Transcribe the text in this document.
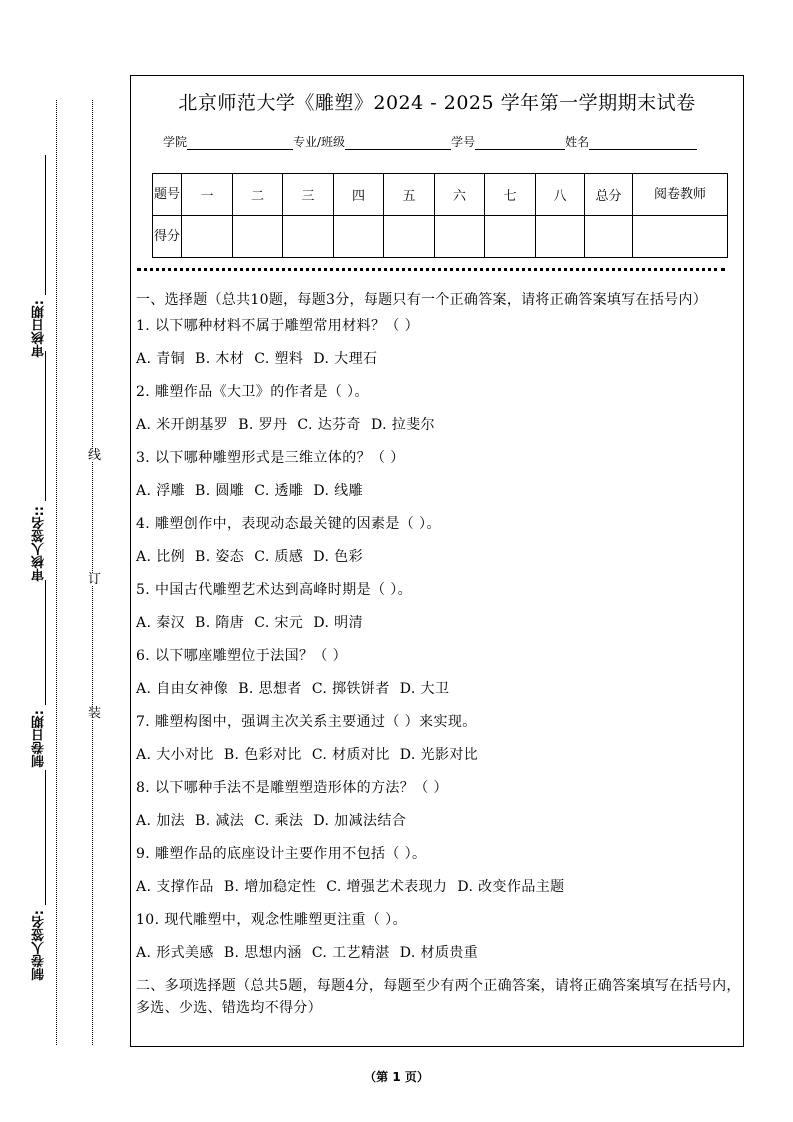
审核日期:
审核人签名::
制卷日期:
制卷人签名:
线
订
装
北京师范大学《雕塑》2024 - 2025 学年第一学期期末试卷
学院	专业/班级	学号	姓名
题号	一	二	三	四	五	六	七	八	总分	阅卷教师
得分										

一、选择题（总共10题，每题3分，每题只有一个正确答案，请将正确答案填写在括号内）

1. 以下哪种材料不属于雕塑常用材料？（ ）
A. 青铜 B. 木材 C. 塑料 D. 大理石
2. 雕塑作品《大卫》的作者是（ ）。
A. 米开朗基罗 B. 罗丹 C. 达芬奇 D. 拉斐尔
3. 以下哪种雕塑形式是三维立体的？（ ）
A. 浮雕 B. 圆雕 C. 透雕 D. 线雕
4. 雕塑创作中，表现动态最关键的因素是（ ）。
A. 比例 B. 姿态 C. 质感 D. 色彩
5. 中国古代雕塑艺术达到高峰时期是（ ）。
A. 秦汉 B. 隋唐 C. 宋元 D. 明清
6. 以下哪座雕塑位于法国？（ ）
A. 自由女神像 B. 思想者 C. 掷铁饼者 D. 大卫
7. 雕塑构图中，强调主次关系主要通过（ ）来实现。
A. 大小对比 B. 色彩对比 C. 材质对比 D. 光影对比
8. 以下哪种手法不是雕塑塑造形体的方法？（ ）
A. 加法 B. 减法 C. 乘法 D. 加减法结合
9. 雕塑作品的底座设计主要作用不包括（ ）。
A. 支撑作品 B. 增加稳定性 C. 增强艺术表现力 D. 改变作品主题
10. 现代雕塑中，观念性雕塑更注重（ ）。
A. 形式美感 B. 思想内涵 C. 工艺精湛 D. 材质贵重

二、多项选择题（总共5题，每题4分，每题至少有两个正确答案，请将正确答案填写在括号内，多选、少选、错选均不得分）

（第 1 页）
